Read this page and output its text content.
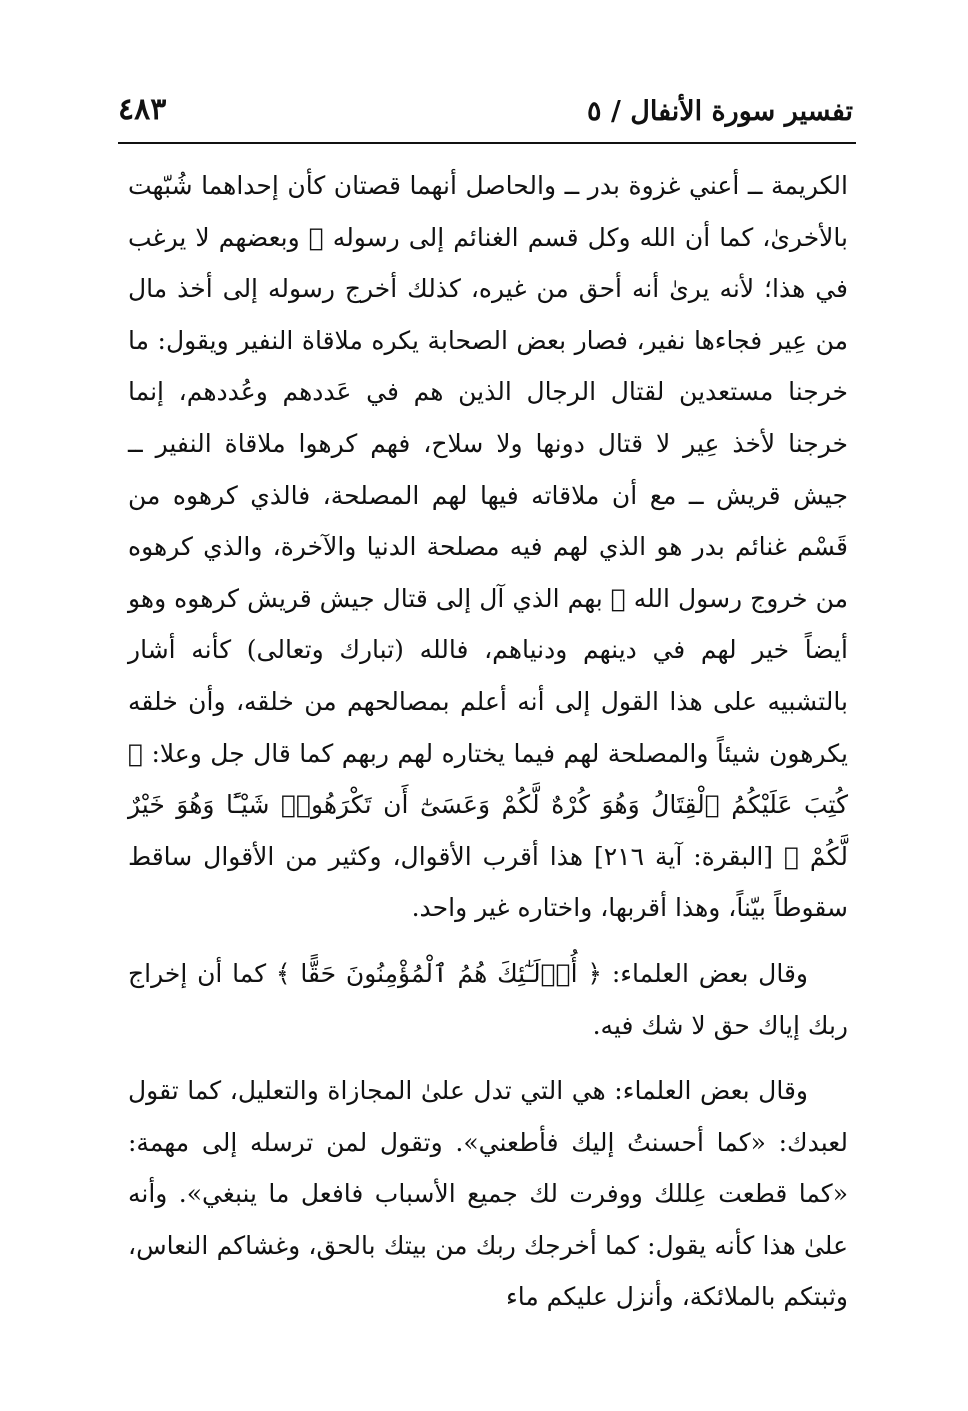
تفسير سورة الأنفال / ٥
٤٨٣

الكريمة ــ أعني غزوة بدر ــ والحاصل أنهما قصتان كأن إحداهما شُبّهت بالأخرىٰ، كما أن الله وكل قسم الغنائم إلى رسوله ﷺ وبعضهم لا يرغب في هذا؛ لأنه يرىٰ أنه أحق من غيره، كذلك أخرج رسوله إلى أخذ مال من عِير فجاءها نفير، فصار بعض الصحابة يكره ملاقاة النفير ويقول: ما خرجنا مستعدين لقتال الرجال الذين هم في عَددهم وعُددهم، إنما خرجنا لأخذ عِير لا قتال دونها ولا سلاح، فهم كرهوا ملاقاة النفير ــ جيش قريش ــ مع أن ملاقاته فيها لهم المصلحة، فالذي كرهوه من قَسْم غنائم بدر هو الذي لهم فيه مصلحة الدنيا والآخرة، والذي كرهوه من خروج رسول الله ﷺ بهم الذي آل إلى قتال جيش قريش كرهوه وهو أيضاً خير لهم في دينهم ودنياهم، فالله (تبارك وتعالى) كأنه أشار بالتشبيه على هذا القول إلى أنه أعلم بمصالحهم من خلقه، وأن خلقه يكرهون شيئاً والمصلحة لهم فيما يختاره لهم ربهم كما قال جل وعلا: ﴿ كُتِبَ عَلَيْكُمُ ٱلْقِتَالُ وَهُوَ كُرْهٌ لَّكُمْ وَعَسَىٰٓ أَن تَكْرَهُوا۟ شَيْـًٔا وَهُوَ خَيْرٌ لَّكُمْ ﴾ [البقرة: آية ٢١٦] هذا أقرب الأقوال، وكثير من الأقوال ساقط سقوطاً بيّناً، وهذا أقربها، واختاره غير واحد.

وقال بعض العلماء: ﴿ أُو۟لَـٰٓئِكَ هُمُ ٱلْمُؤْمِنُونَ حَقًّا ﴾ كما أن إخراج ربك إياك حق لا شك فيه.

وقال بعض العلماء: هي التي تدل علىٰ المجازاة والتعليل، كما تقول لعبدك: «كما أحسنتُ إليك فأطعني». وتقول لمن ترسله إلى مهمة: «كما قطعت عِللك ووفرت لك جميع الأسباب فافعل ما ينبغي». وأنه علىٰ هذا كأنه يقول: كما أخرجك ربك من بيتك بالحق، وغشاكم النعاس، وثبتكم بالملائكة، وأنزل عليكم ماء
